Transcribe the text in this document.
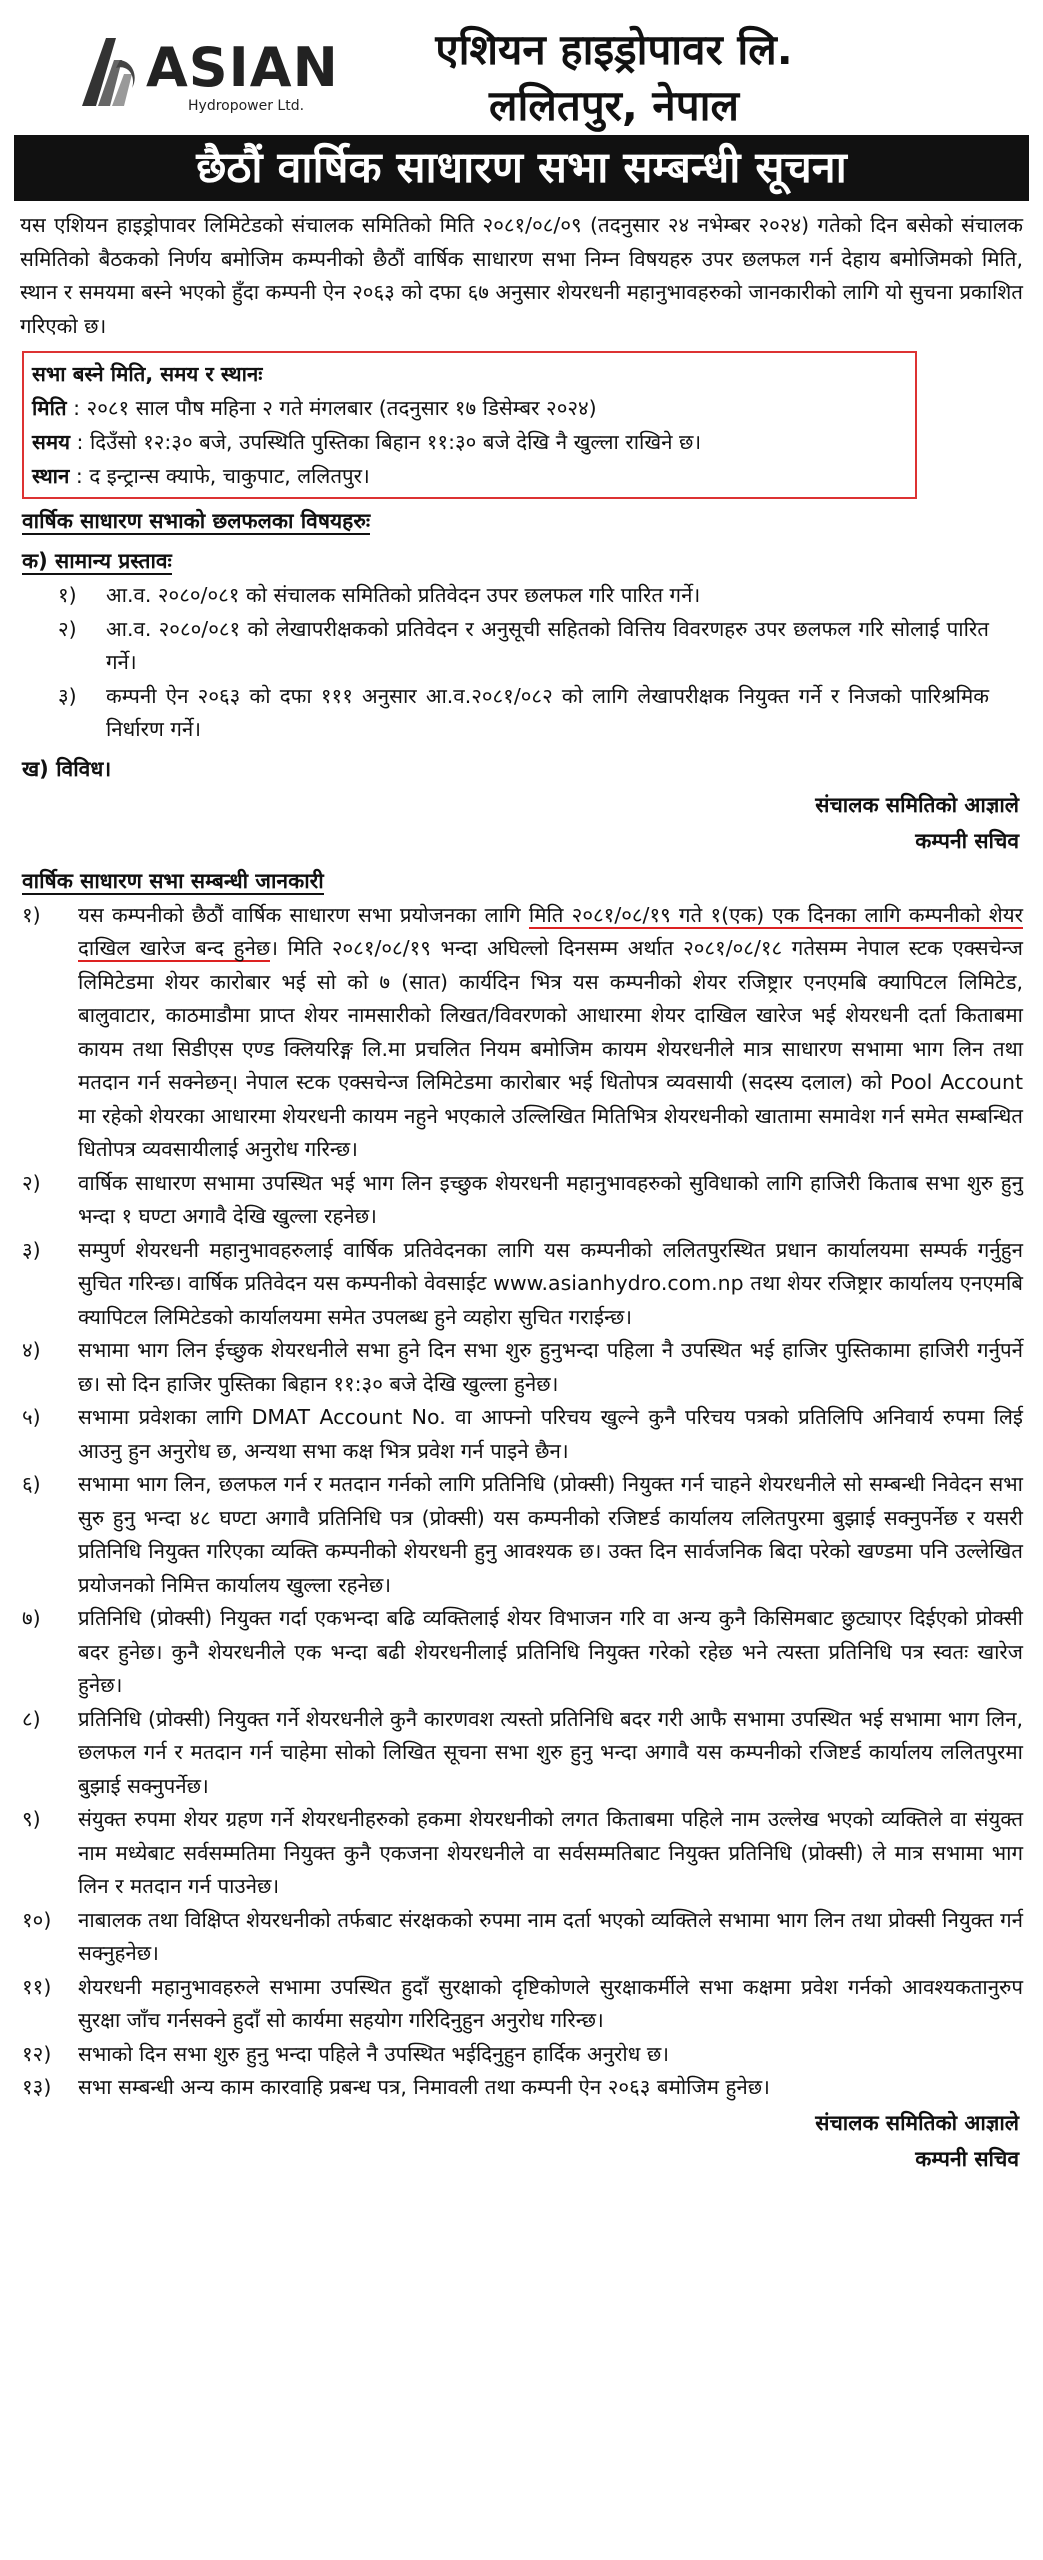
ASIAN
Hydropower Ltd.
एशियन हाइड्रोपावर लि.
ललितपुर, नेपाल
छैठौं वार्षिक साधारण सभा सम्बन्धी सूचना

यस एशियन हाइड्रोपावर लिमिटेडको संचालक समितिको मिति २०८१/०८/०९ (तदनुसार २४ नभेम्बर २०२४) गतेको दिन बसेको संचालक समितिको बैठकको निर्णय बमोजिम कम्पनीको छैठौं वार्षिक साधारण सभा निम्न विषयहरु उपर छलफल गर्न देहाय बमोजिमको मिति, स्थान र समयमा बस्ने भएको हुँदा कम्पनी ऐन २०६३ को दफा ६७ अनुसार शेयरधनी महानुभावहरुको जानकारीको लागि यो सुचना प्रकाशित गरिएको छ।

सभा बस्ने मिति, समय र स्थानः
मिति : २०८१ साल पौष महिना २ गते मंगलबार (तदनुसार १७ डिसेम्बर २०२४)
समय : दिउँसो १२:३० बजे, उपस्थिति पुस्तिका बिहान ११:३० बजे देखि नै खुल्ला राखिने छ।
स्थान : द इन्ट्रान्स क्याफे, चाकुपाट, ललितपुर।
वार्षिक साधारण सभाको छलफलका विषयहरुः
क) सामान्य प्रस्तावः
१) आ.व. २०८०/०८१ को संचालक समितिको प्रतिवेदन उपर छलफल गरि पारित गर्ने।
२) आ.व. २०८०/०८१ को लेखापरीक्षकको प्रतिवेदन र अनुसूची सहितको वित्तिय विवरणहरु उपर छलफल गरि सोलाई पारित गर्ने।
३) कम्पनी ऐन २०६३ को दफा १११ अनुसार आ.व.२०८१/०८२ को लागि लेखापरीक्षक नियुक्त गर्ने र निजको पारिश्रमिक निर्धारण गर्ने।
ख) विविध।
संचालक समितिको आज्ञाले
कम्पनी सचिव
वार्षिक साधारण सभा सम्बन्धी जानकारी
१) यस कम्पनीको छैठौं वार्षिक साधारण सभा प्रयोजनका लागि मिति २०८१/०८/१९ गते १(एक) एक दिनका लागि कम्पनीको शेयर दाखिल खारेज बन्द हुनेछ। मिति २०८१/०८/१९ भन्दा अघिल्लो दिनसम्म अर्थात २०८१/०८/१८ गतेसम्म नेपाल स्टक एक्सचेन्ज लिमिटेडमा शेयर कारोबार भई सो को ७ (सात) कार्यदिन भित्र यस कम्पनीको शेयर रजिष्ट्रार एनएमबि क्यापिटल लिमिटेड, बालुवाटार, काठमाडौमा प्राप्त शेयर नामसारीको लिखत/विवरणको आधारमा शेयर दाखिल खारेज भई शेयरधनी दर्ता किताबमा कायम तथा सिडीएस एण्ड क्लियरिङ्ग लि.मा प्रचलित नियम बमोजिम कायम शेयरधनीले मात्र साधारण सभामा भाग लिन तथा मतदान गर्न सक्नेछन्। नेपाल स्टक एक्सचेन्ज लिमिटेडमा कारोबार भई धितोपत्र व्यवसायी (सदस्य दलाल) को Pool Account मा रहेको शेयरका आधारमा शेयरधनी कायम नहुने भएकाले उल्लिखित मितिभित्र शेयरधनीको खातामा समावेश गर्न समेत सम्बन्धित धितोपत्र व्यवसायीलाई अनुरोध गरिन्छ।
२) वार्षिक साधारण सभामा उपस्थित भई भाग लिन इच्छुक शेयरधनी महानुभावहरुको सुविधाको लागि हाजिरी किताब सभा शुरु हुनु भन्दा १ घण्टा अगावै देखि खुल्ला रहनेछ।
३) सम्पुर्ण शेयरधनी महानुभावहरुलाई वार्षिक प्रतिवेदनका लागि यस कम्पनीको ललितपुरस्थित प्रधान कार्यालयमा सम्पर्क गर्नुहुन सुचित गरिन्छ। वार्षिक प्रतिवेदन यस कम्पनीको वेवसाईट www.asianhydro.com.np तथा शेयर रजिष्ट्रार कार्यालय एनएमबि क्यापिटल लिमिटेडको कार्यालयमा समेत उपलब्ध हुने व्यहोरा सुचित गराईन्छ।
४) सभामा भाग लिन ईच्छुक शेयरधनीले सभा हुने दिन सभा शुरु हुनुभन्दा पहिला नै उपस्थित भई हाजिर पुस्तिकामा हाजिरी गर्नुपर्ने छ। सो दिन हाजिर पुस्तिका बिहान ११:३० बजे देखि खुल्ला हुनेछ।
५) सभामा प्रवेशका लागि DMAT Account No. वा आफ्नो परिचय खुल्ने कुनै परिचय पत्रको प्रतिलिपि अनिवार्य रुपमा लिई आउनु हुन अनुरोध छ, अन्यथा सभा कक्ष भित्र प्रवेश गर्न पाइने छैन।
६) सभामा भाग लिन, छलफल गर्न र मतदान गर्नको लागि प्रतिनिधि (प्रोक्सी) नियुक्त गर्न चाहने शेयरधनीले सो सम्बन्धी निवेदन सभा सुरु हुनु भन्दा ४८ घण्टा अगावै प्रतिनिधि पत्र (प्रोक्सी) यस कम्पनीको रजिष्टर्ड कार्यालय ललितपुरमा बुझाई सक्नुपर्नेछ र यसरी प्रतिनिधि नियुक्त गरिएका व्यक्ति कम्पनीको शेयरधनी हुनु आवश्यक छ। उक्त दिन सार्वजनिक बिदा परेको खण्डमा पनि उल्लेखित प्रयोजनको निमित्त कार्यालय खुल्ला रहनेछ।
७) प्रतिनिधि (प्रोक्सी) नियुक्त गर्दा एकभन्दा बढि व्यक्तिलाई शेयर विभाजन गरि वा अन्य कुनै किसिमबाट छुट्याएर दिईएको प्रोक्सी बदर हुनेछ। कुनै शेयरधनीले एक भन्दा बढी शेयरधनीलाई प्रतिनिधि नियुक्त गरेको रहेछ भने त्यस्ता प्रतिनिधि पत्र स्वतः खारेज हुनेछ।
८) प्रतिनिधि (प्रोक्सी) नियुक्त गर्ने शेयरधनीले कुनै कारणवश त्यस्तो प्रतिनिधि बदर गरी आफै सभामा उपस्थित भई सभामा भाग लिन, छलफल गर्न र मतदान गर्न चाहेमा सोको लिखित सूचना सभा शुरु हुनु भन्दा अगावै यस कम्पनीको रजिष्टर्ड कार्यालय ललितपुरमा बुझाई सक्नुपर्नेछ।
९) संयुक्त रुपमा शेयर ग्रहण गर्ने शेयरधनीहरुको हकमा शेयरधनीको लगत किताबमा पहिले नाम उल्लेख भएको व्यक्तिले वा संयुक्त नाम मध्येबाट सर्वसम्मतिमा नियुक्त कुनै एकजना शेयरधनीले वा सर्वसम्मतिबाट नियुक्त प्रतिनिधि (प्रोक्सी) ले मात्र सभामा भाग लिन र मतदान गर्न पाउनेछ।
१०) नाबालक तथा विक्षिप्त शेयरधनीको तर्फबाट संरक्षकको रुपमा नाम दर्ता भएको व्यक्तिले सभामा भाग लिन तथा प्रोक्सी नियुक्त गर्न सक्नुहनेछ।
११) शेयरधनी महानुभावहरुले सभामा उपस्थित हुदाँ सुरक्षाको दृष्टिकोणले सुरक्षाकर्मीले सभा कक्षमा प्रवेश गर्नको आवश्यकतानुरुप सुरक्षा जाँच गर्नसक्ने हुदाँ सो कार्यमा सहयोग गरिदिनुहुन अनुरोध गरिन्छ।
१२) सभाको दिन सभा शुरु हुनु भन्दा पहिले नै उपस्थित भईदिनुहुन हार्दिक अनुरोध छ।
१३) सभा सम्बन्धी अन्य काम कारवाहि प्रबन्ध पत्र, निमावली तथा कम्पनी ऐन २०६३ बमोजिम हुनेछ।
संचालक समितिको आज्ञाले
कम्पनी सचिव
